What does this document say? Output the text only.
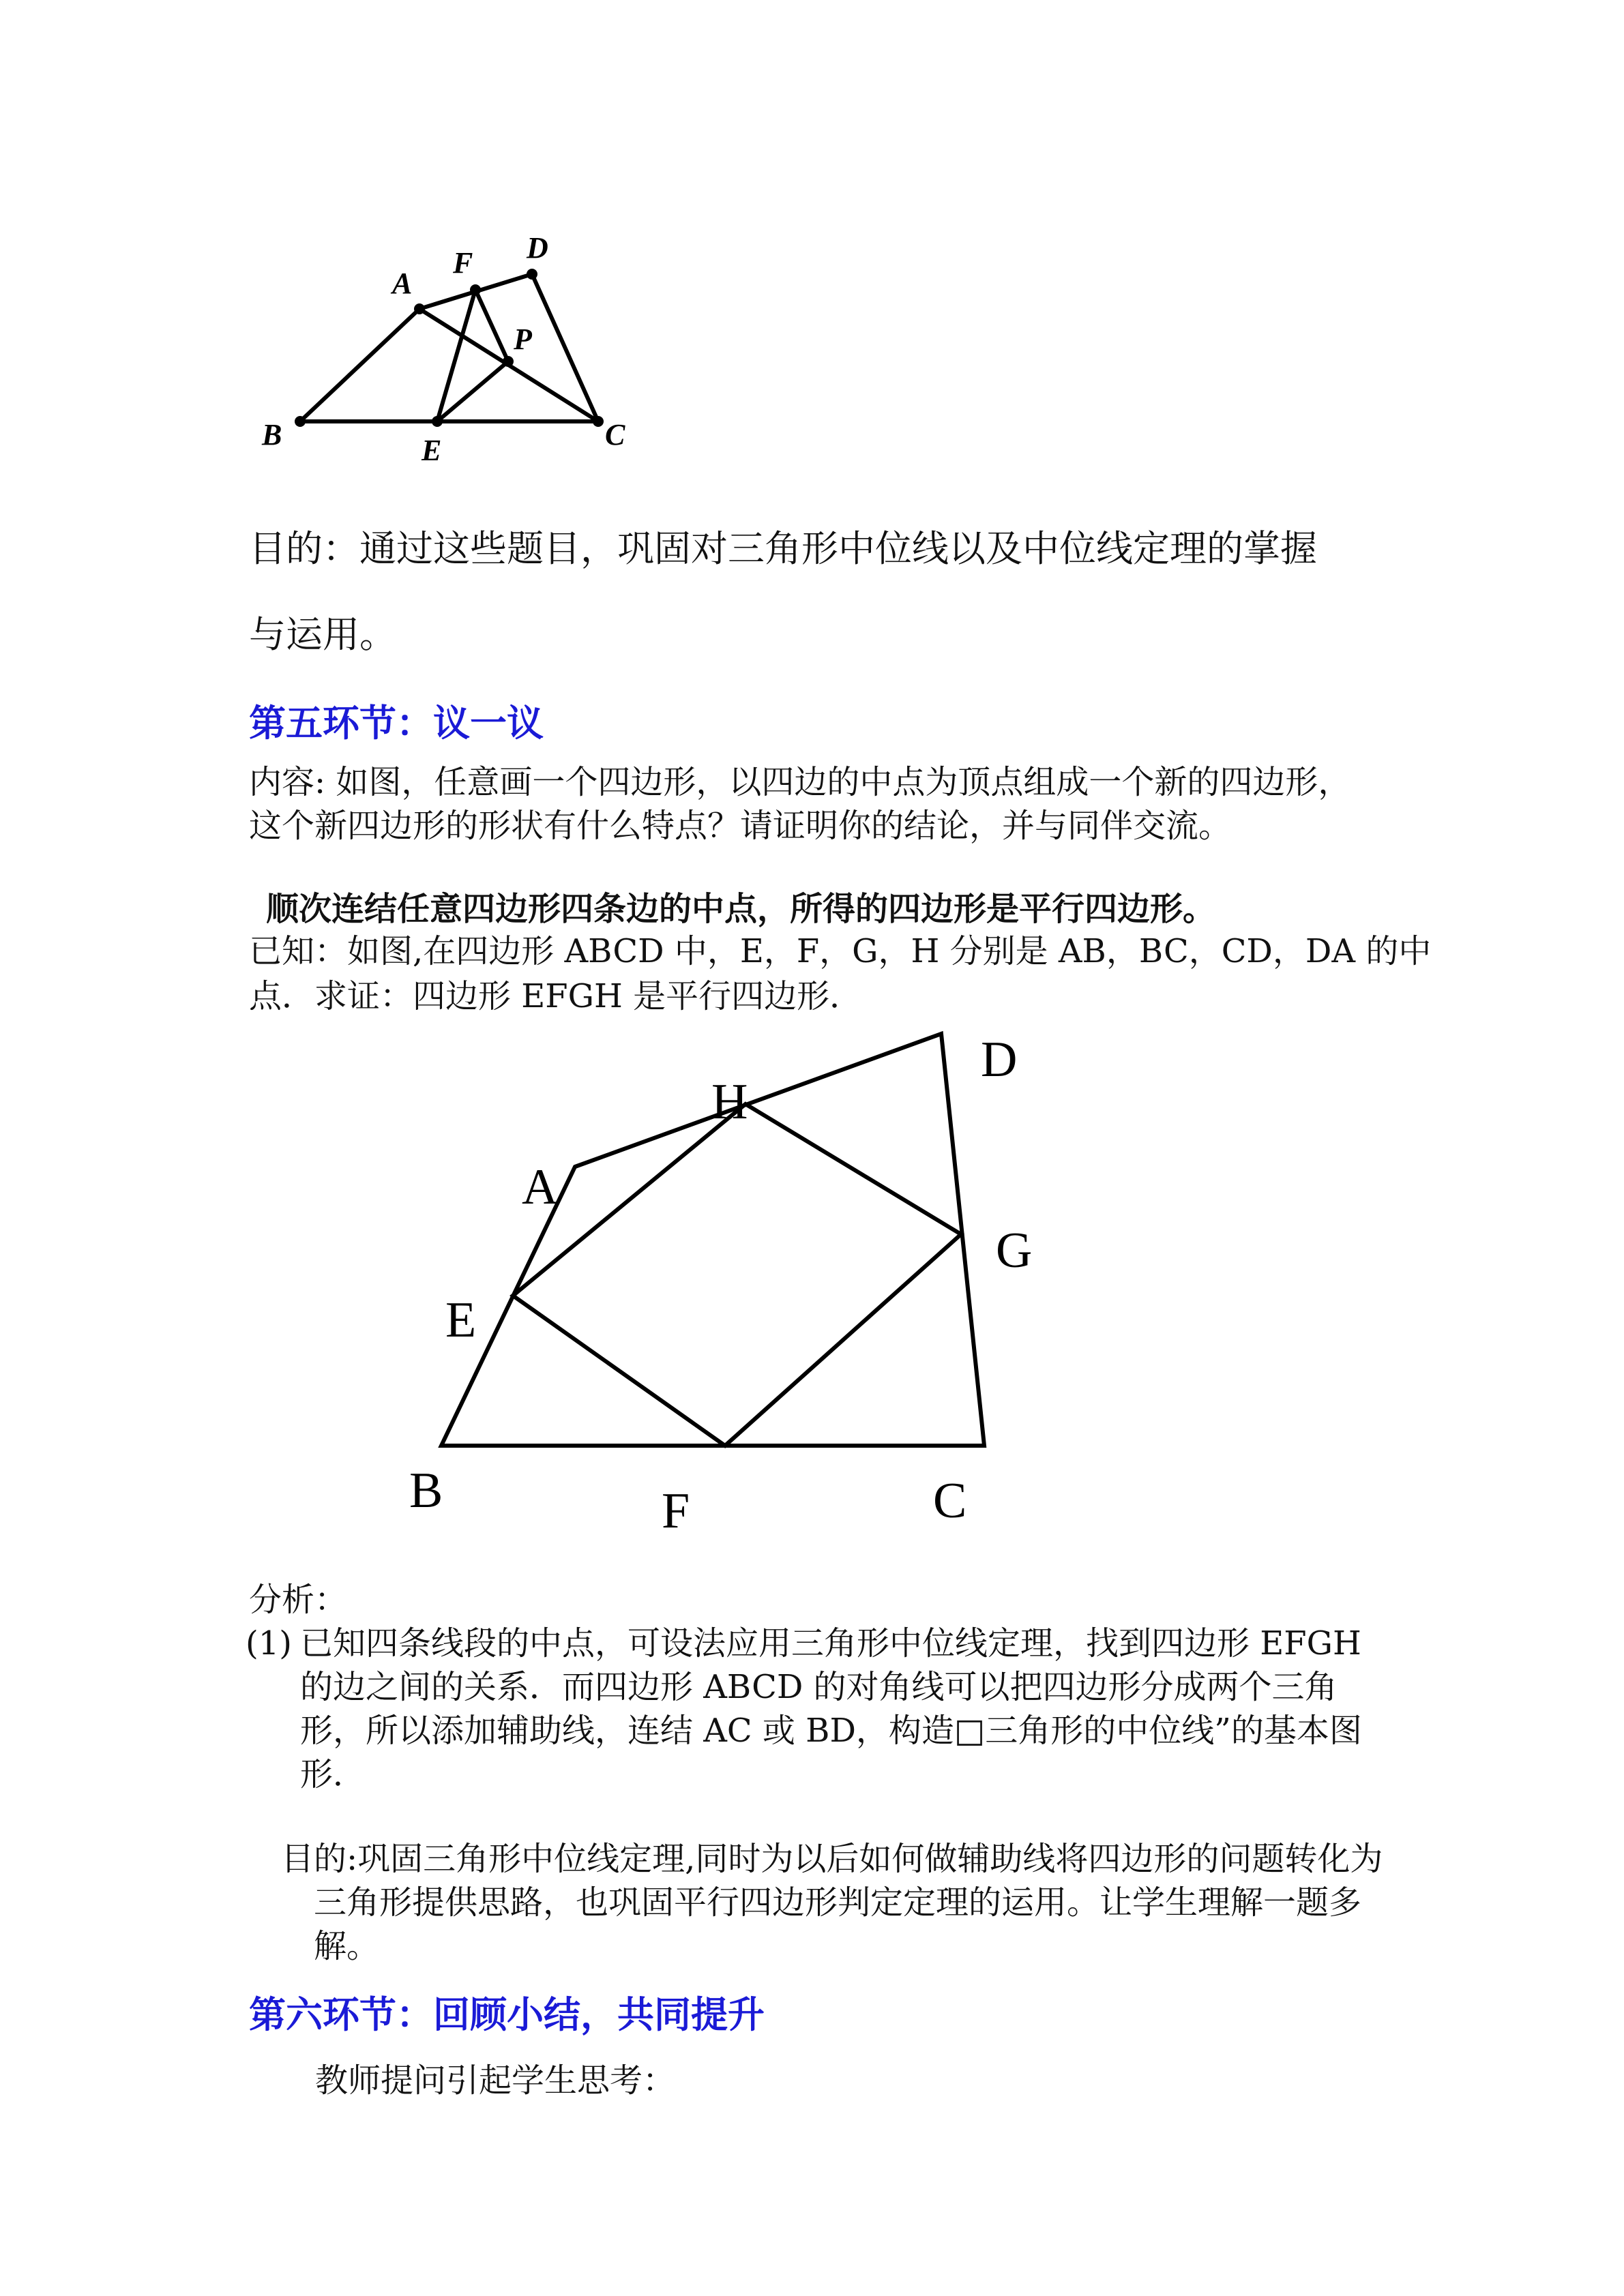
A
F D
P
B	E	C
目的：通过这些题目，巩固对三角形中位线以及中位线定理的掌握
与运用。
第五环节：议一议
内容: 如图，任意画一个四边形，以四边的中点为顶点组成一个新的四边形，
这个新四边形的形状有什么特点？请证明你的结论，并与同伴交流。
顺次连结任意四边形四条边的中点，所得的四边形是平行四边形。
已知：如图,在四边形 ABCD 中，E，F，G，H 分别是 AB，BC，CD，DA 的中
点．求证：四边形 EFGH 是平行四边形．
H
D
A
G
E
B	F	C
分析：
(1) 已知四条线段的中点，可设法应用三角形中位线定理，找到四边形 EFGH
的边之间的关系．而四边形 ABCD 的对角线可以把四边形分成两个三角
形，所以添加辅助线，连结 AC 或 BD，构造□三角形的中位线”的基本图
形．
目的:巩固三角形中位线定理,同时为以后如何做辅助线将四边形的问题转化为
三角形提供思路，也巩固平行四边形判定定理的运用。让学生理解一题多
解。
第六环节：回顾小结，共同提升
教师提问引起学生思考：
